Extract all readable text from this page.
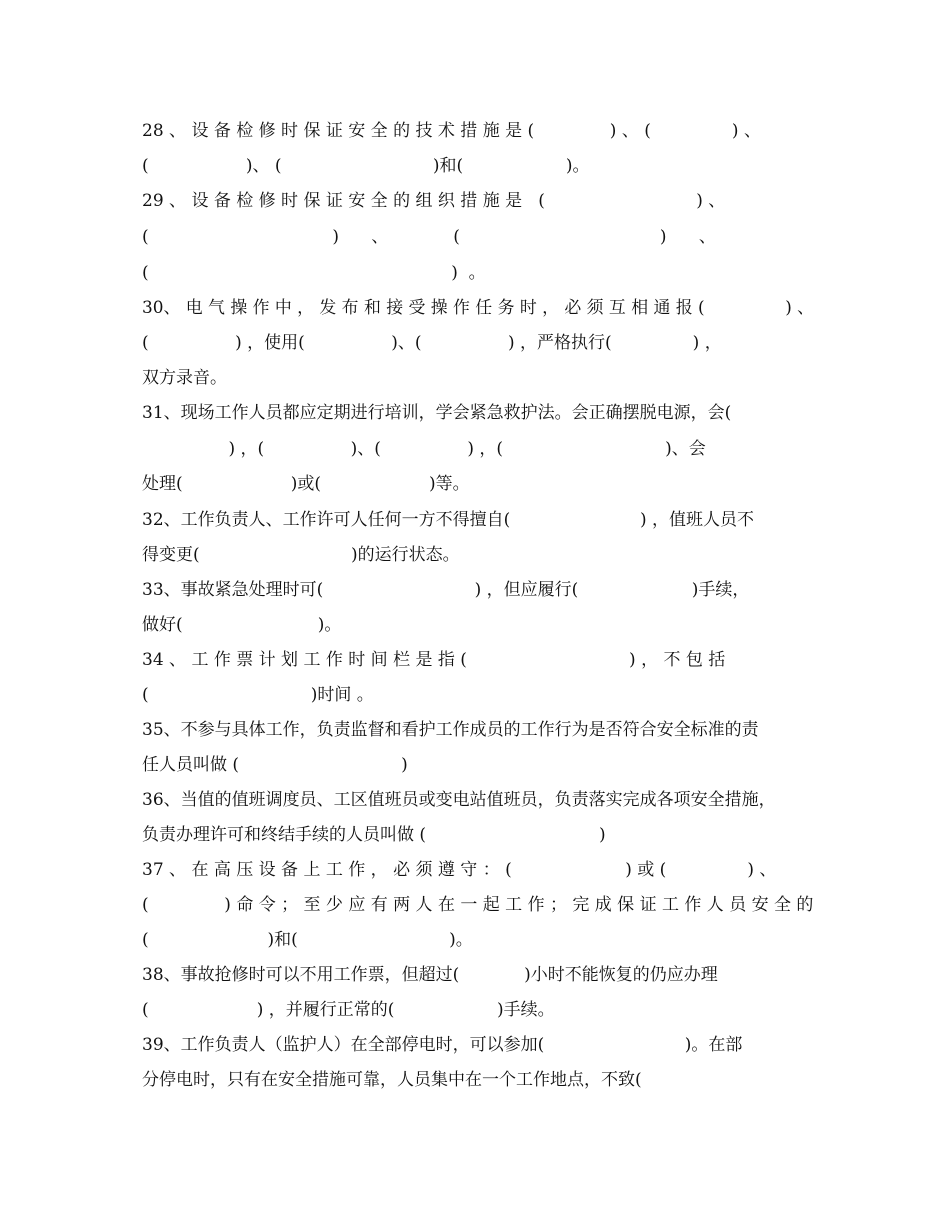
28 、 设 备 检 修 时 保 证 安 全 的 技 术 措 施 是 (              ) 、 (               ) 、
(                  )、 (                            )和(                   )。
29 、 设 备 检 修 时 保 证 安 全 的 组 织 措 施 是   (                            ) 、
(                                  )      、            (                                     )      、
(                                                        )  。
30、 电 气 操 作 中 ， 发 布 和 接 受 操 作 任 务 时 ， 必 须 互 相 通 报 (               ) 、
(                ) ，使用(                )、(                ) ，严格执行(               ) ，
双方录音。
31、现场工作人员都应定期进行培训，学会紧急救护法。会正确摆脱电源，会(
) ，(                )、(                ) ，(                              )、会
处理(                    )或(                    )等。
32、工作负责人、工作许可人任何一方不得擅自(                        ) ，值班人员不
得变更(                            )的运行状态。
33、事故紧急处理时可(                            ) ，但应履行(                     )手续，
做好(                         )。
34 、 工 作 票 计 划 工 作 时 间 栏 是 指 (                              ) ， 不 包 括
(                              )时间 。
35、不参与具体工作，负责监督和看护工作成员的工作行为是否符合安全标准的责
任人员叫做 (                              )
36、当值的值班调度员、工区值班员或变电站值班员，负责落实完成各项安全措施，
负责办理许可和终结手续的人员叫做 (                                )
37 、 在 高 压 设 备 上 工 作 ， 必 须 遵 守 ： (                     ) 或 (               ) 、
(              ) 命 令 ； 至 少 应 有 两 人 在 一 起 工 作 ； 完 成 保 证 工 作 人 员 安 全 的
(                      )和(                            )。
38、事故抢修时可以不用工作票，但超过(            )小时不能恢复的仍应办理
(                    ) ，并履行正常的(                   )手续。
39、工作负责人（监护人）在全部停电时，可以参加(                          )。在部
分停电时，只有在安全措施可靠，人员集中在一个工作地点，不致(
